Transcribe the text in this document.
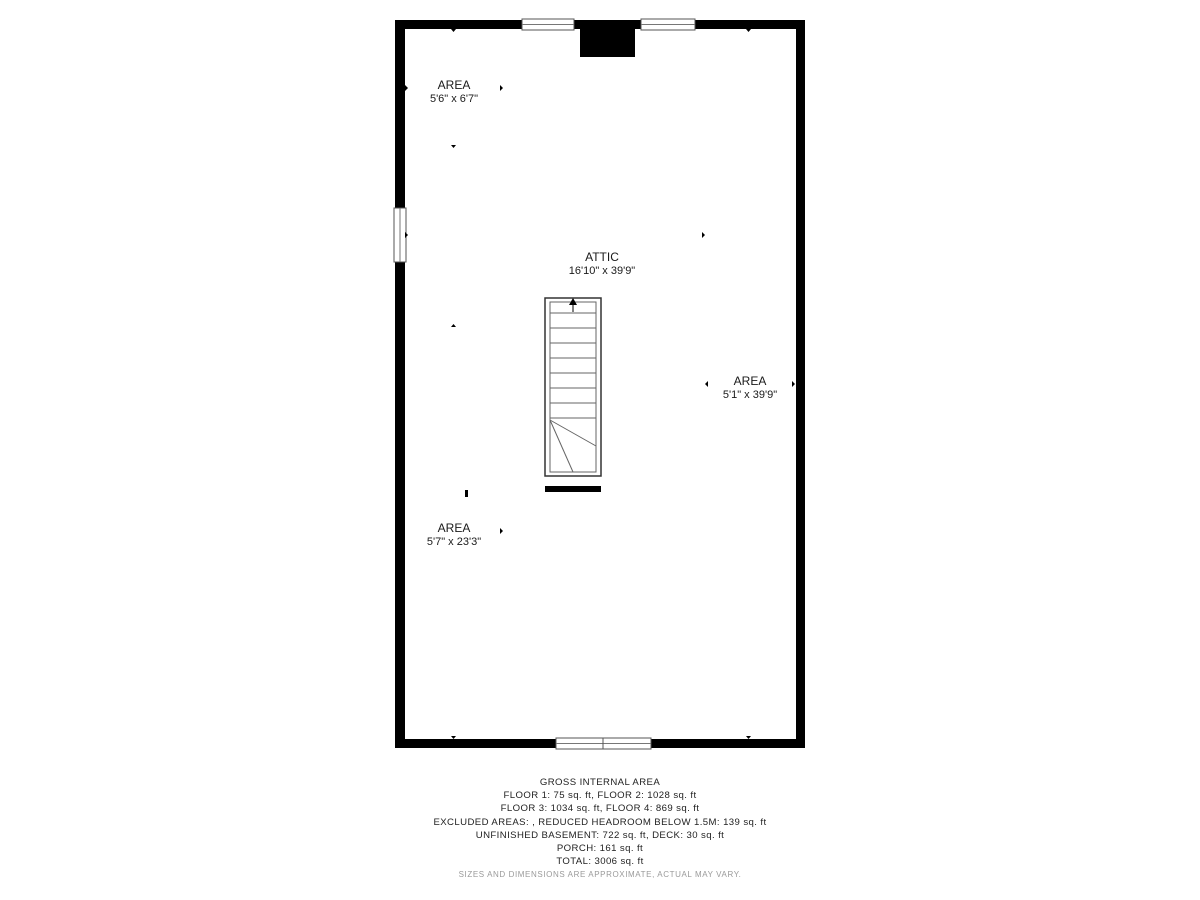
AREA
5'6" x 6'7"
ATTIC
16'10" x 39'9"
AREA
5'1" x 39'9"
AREA
5'7" x 23'3"
GROSS INTERNAL AREA
FLOOR 1: 75 sq. ft, FLOOR 2: 1028 sq. ft
FLOOR 3: 1034 sq. ft, FLOOR 4: 869 sq. ft
EXCLUDED AREAS: , REDUCED HEADROOM BELOW 1.5M: 139 sq. ft
UNFINISHED BASEMENT: 722 sq. ft, DECK: 30 sq. ft
PORCH: 161 sq. ft
TOTAL: 3006 sq. ft
SIZES AND DIMENSIONS ARE APPROXIMATE, ACTUAL MAY VARY.
